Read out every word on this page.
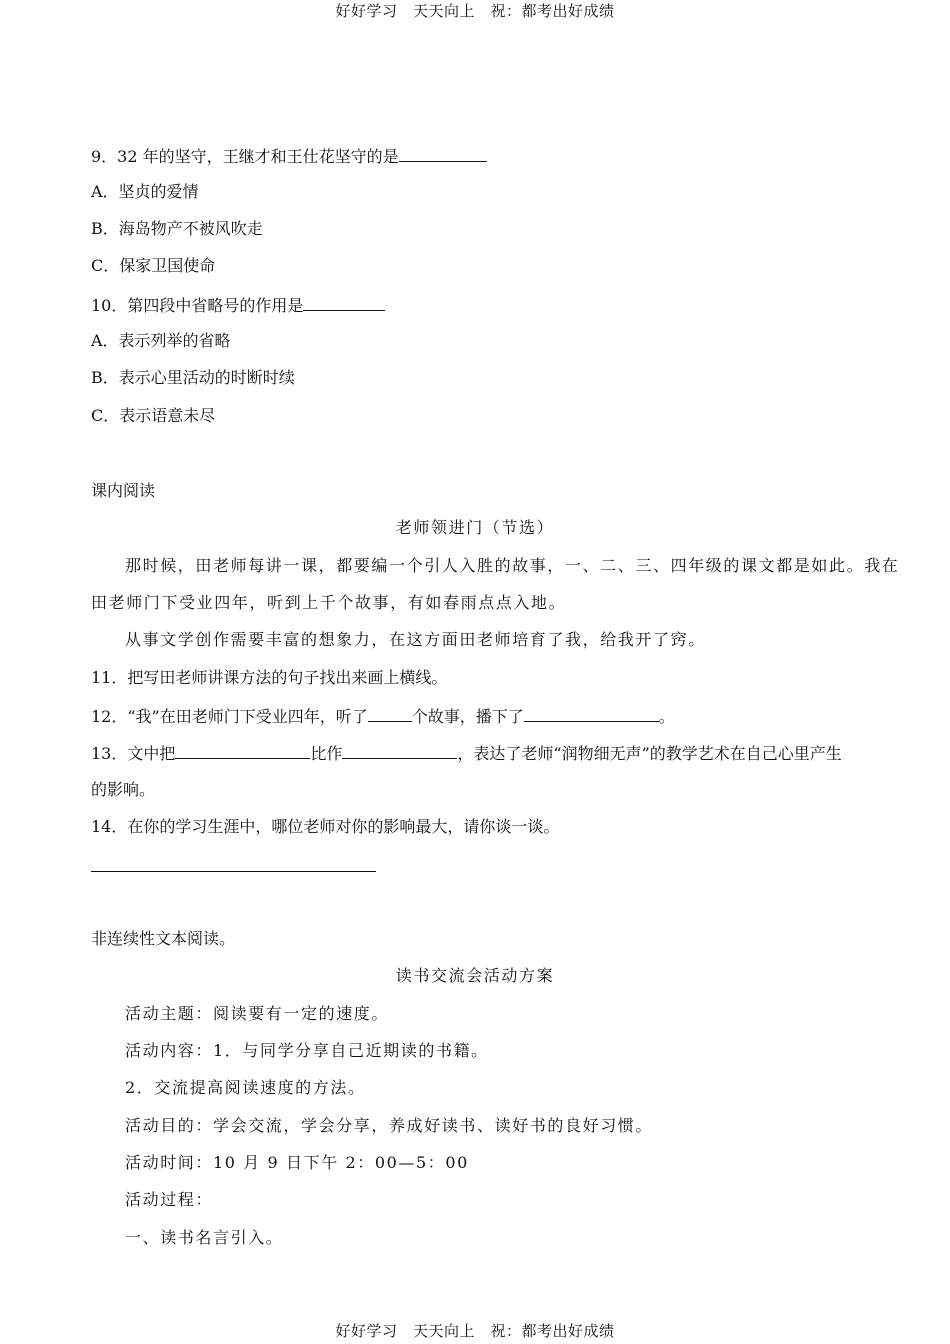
好好学习　天天向上　祝：都考出好成绩
9．32 年的坚守，王继才和王仕花坚守的是
A．坚贞的爱情
B．海岛物产不被风吹走
C．保家卫国使命
10．第四段中省略号的作用是
A．表示列举的省略
B．表示心里活动的时断时续
C．表示语意未尽
课内阅读
老师领进门（节选）
那时候，田老师每讲一课，都要编一个引人入胜的故事，一、二、三、四年级的课文都是如此。我在
田老师门下受业四年，听到上千个故事，有如春雨点点入地。
从事文学创作需要丰富的想象力，在这方面田老师培育了我，给我开了窍。
11．把写田老师讲课方法的句子找出来画上横线。
12．“我”在田老师门下受业四年，听了	个故事，播下了	。
13．文中把	比作	，表达了老师“润物细无声”的教学艺术在自己心里产生
的影响。
14．在你的学习生涯中，哪位老师对你的影响最大，请你谈一谈。
非连续性文本阅读。
读书交流会活动方案
活动主题：阅读要有一定的速度。
活动内容：1．与同学分享自己近期读的书籍。
2．交流提高阅读速度的方法。
活动目的：学会交流，学会分享，养成好读书、读好书的良好习惯。
活动时间：10 月 9 日下午 2：00—5：00
活动过程：
一、读书名言引入。
好好学习　天天向上　祝：都考出好成绩
